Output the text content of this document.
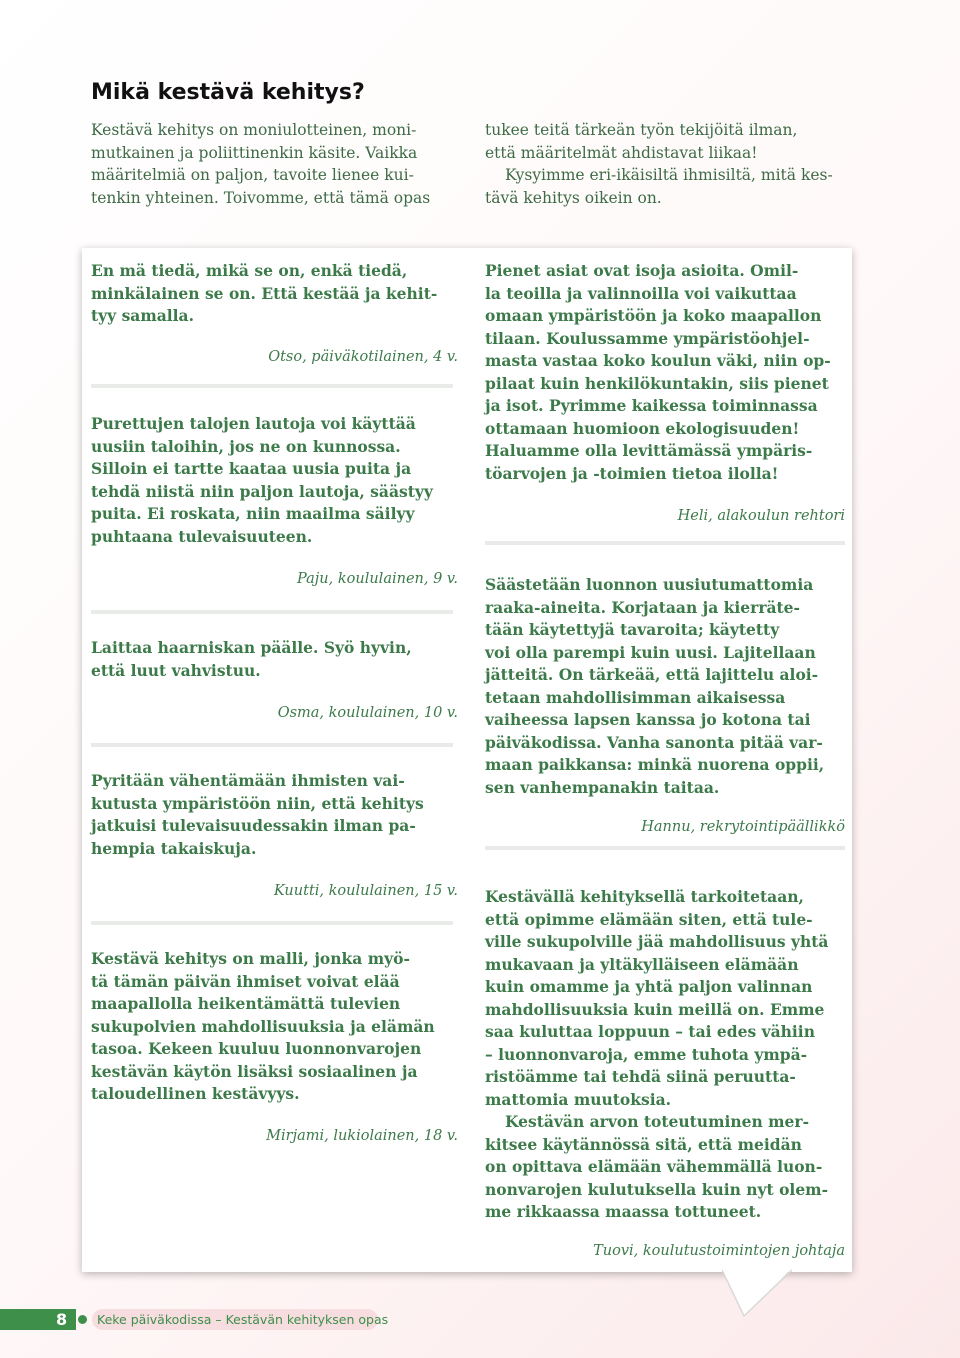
Mikä kestävä kehitys?

Kestävä kehitys on moniulotteinen, moni-

mutkainen ja poliittinenkin käsite. Vaikka

määritelmiä on paljon, tavoite lienee kui-

tenkin yhteinen. Toivomme, että tämä opas

tukee teitä tärkeän työn tekijöitä ilman,

että määritelmät ahdistavat liikaa!

Kysyimme eri-ikäisiltä ihmisiltä, mitä kes-

tävä kehitys oikein on.

En mä tiedä, mikä se on, enkä tiedä,

minkälainen se on. Että kestää ja kehit-

tyy samalla.

Otso, päiväkotilainen, 4 v.

Purettujen talojen lautoja voi käyttää

uusiin taloihin, jos ne on kunnossa.

Silloin ei tartte kaataa uusia puita ja

tehdä niistä niin paljon lautoja, säästyy

puita. Ei roskata, niin maailma säilyy

puhtaana tulevaisuuteen.

Paju, koululainen, 9 v.

Laittaa haarniskan päälle. Syö hyvin,

että luut vahvistuu.

Osma, koululainen, 10 v.

Pyritään vähentämään ihmisten vai-

kutusta ympäristöön niin, että kehitys

jatkuisi tulevaisuudessakin ilman pa-

hempia takaiskuja.

Kuutti, koululainen, 15 v.

Kestävä kehitys on malli, jonka myö-

tä tämän päivän ihmiset voivat elää

maapallolla heikentämättä tulevien

sukupolvien mahdollisuuksia ja elämän

tasoa. Kekeen kuuluu luonnonvarojen

kestävän käytön lisäksi sosiaalinen ja

taloudellinen kestävyys.

Mirjami, lukiolainen, 18 v.

Pienet asiat ovat isoja asioita. Omil-

la teoilla ja valinnoilla voi vaikuttaa

omaan ympäristöön ja koko maapallon

tilaan. Koulussamme ympäristöohjel-

masta vastaa koko koulun väki, niin op-

pilaat kuin henkilökuntakin, siis pienet

ja isot. Pyrimme kaikessa toiminnassa

ottamaan huomioon ekologisuuden!

Haluamme olla levittämässä ympäris-

töarvojen ja -toimien tietoa ilolla!

Heli, alakoulun rehtori

Säästetään luonnon uusiutumattomia

raaka-aineita. Korjataan ja kierräte-

tään käytettyjä tavaroita; käytetty

voi olla parempi kuin uusi. Lajitellaan

jätteitä. On tärkeää, että lajittelu aloi-

tetaan mahdollisimman aikaisessa

vaiheessa lapsen kanssa jo kotona tai

päiväkodissa. Vanha sanonta pitää var-

maan paikkansa: minkä nuorena oppii,

sen vanhempanakin taitaa.

Hannu, rekrytointipäällikkö

Kestävällä kehityksellä tarkoitetaan,

että opimme elämään siten, että tule-

ville sukupolville jää mahdollisuus yhtä

mukavaan ja yltäkylläiseen elämään

kuin omamme ja yhtä paljon valinnan

mahdollisuuksia kuin meillä on. Emme

saa kuluttaa loppuun – tai edes vähiin

– luonnonvaroja, emme tuhota ympä-

ristöämme tai tehdä siinä peruutta-

mattomia muutoksia.

Kestävän arvon toteutuminen mer-

kitsee käytännössä sitä, että meidän

on opittava elämään vähemmällä luon-

nonvarojen kulutuksella kuin nyt olem-

me rikkaassa maassa tottuneet.

Tuovi, koulutustoimintojen johtaja

8 Keke päiväkodissa – Kestävän kehityksen opas
